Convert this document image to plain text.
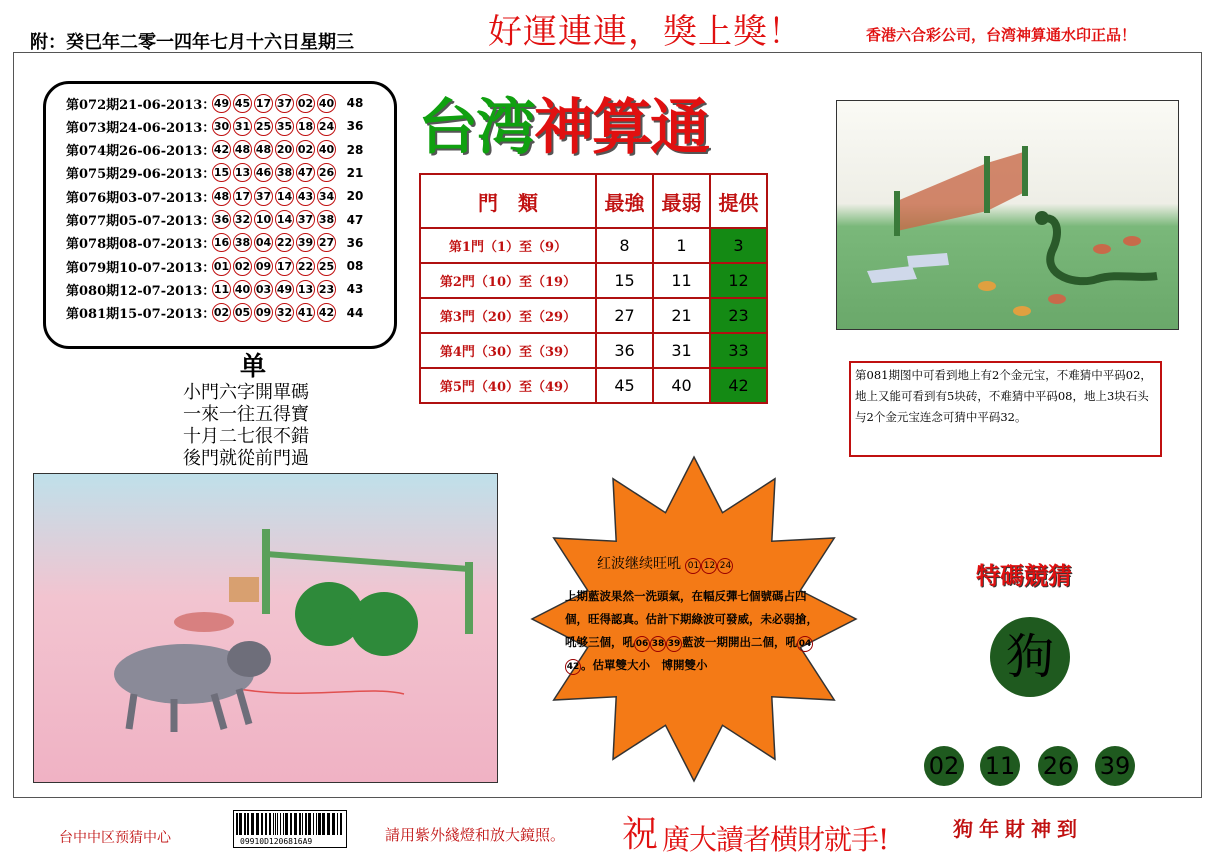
附：癸巳年二零一四年七月十六日星期三	好運連連，獎上獎！	香港六合彩公司，台湾神算通水印正品！
第072期21-06-2013：
49 45 17 37 02 40	48
第073期24-06-2013：
30 31 25 35 18 24	36
第074期26-06-2013：
42 48 48 20 02 40	28
第075期29-06-2013：
15 13 46 38 47 26	21
第076期03-07-2013：
48 17 37 14 43 34	20
第077期05-07-2013：
36 32 10 14 37 38	47
第078期08-07-2013：
16 38 04 22 39 27	36
第079期10-07-2013：
01 02 09 17 22 25	08
第080期12-07-2013：
11 40 03 49 13 23	43
第081期15-07-2013：
02 05 09 32 41 42	44
单
小門六字開單碼
一來一往五得寶
十月二七很不錯
後門就從前門過
台湾神算通
門　類	最強	最弱	提供
第1門（1）至（9）	8	1	3
第2門（10）至（19）	15	11	12
第3門（20）至（29）	27	21	23
第4門（30）至（39）	36	31	33
第5門（40）至（49）	45	40	42
第081期图中可看到地上有2个金元宝，不难猜中平码02，地上又能可看到有5块砖，不难猜中平码08，地上3块石头与2个金元宝连念可猜中平码32。
红波继续旺吼 01 12 24
上期藍波果然一洗頭氣，在幅反彈七個號碼占四個，旺得認真。估計下期綠波可發威，未必弱搶，吼够三個，吼 06 38 39 藍波一期開出二個，吼 0442 。估單雙大小　博開雙小
特碼競猜
狗
02 11 26 39
台中中区预猜中心	09910D1206816A9	請用紫外綫燈和放大鏡照。 祝 廣大讀者横財就手!	狗年財神到
